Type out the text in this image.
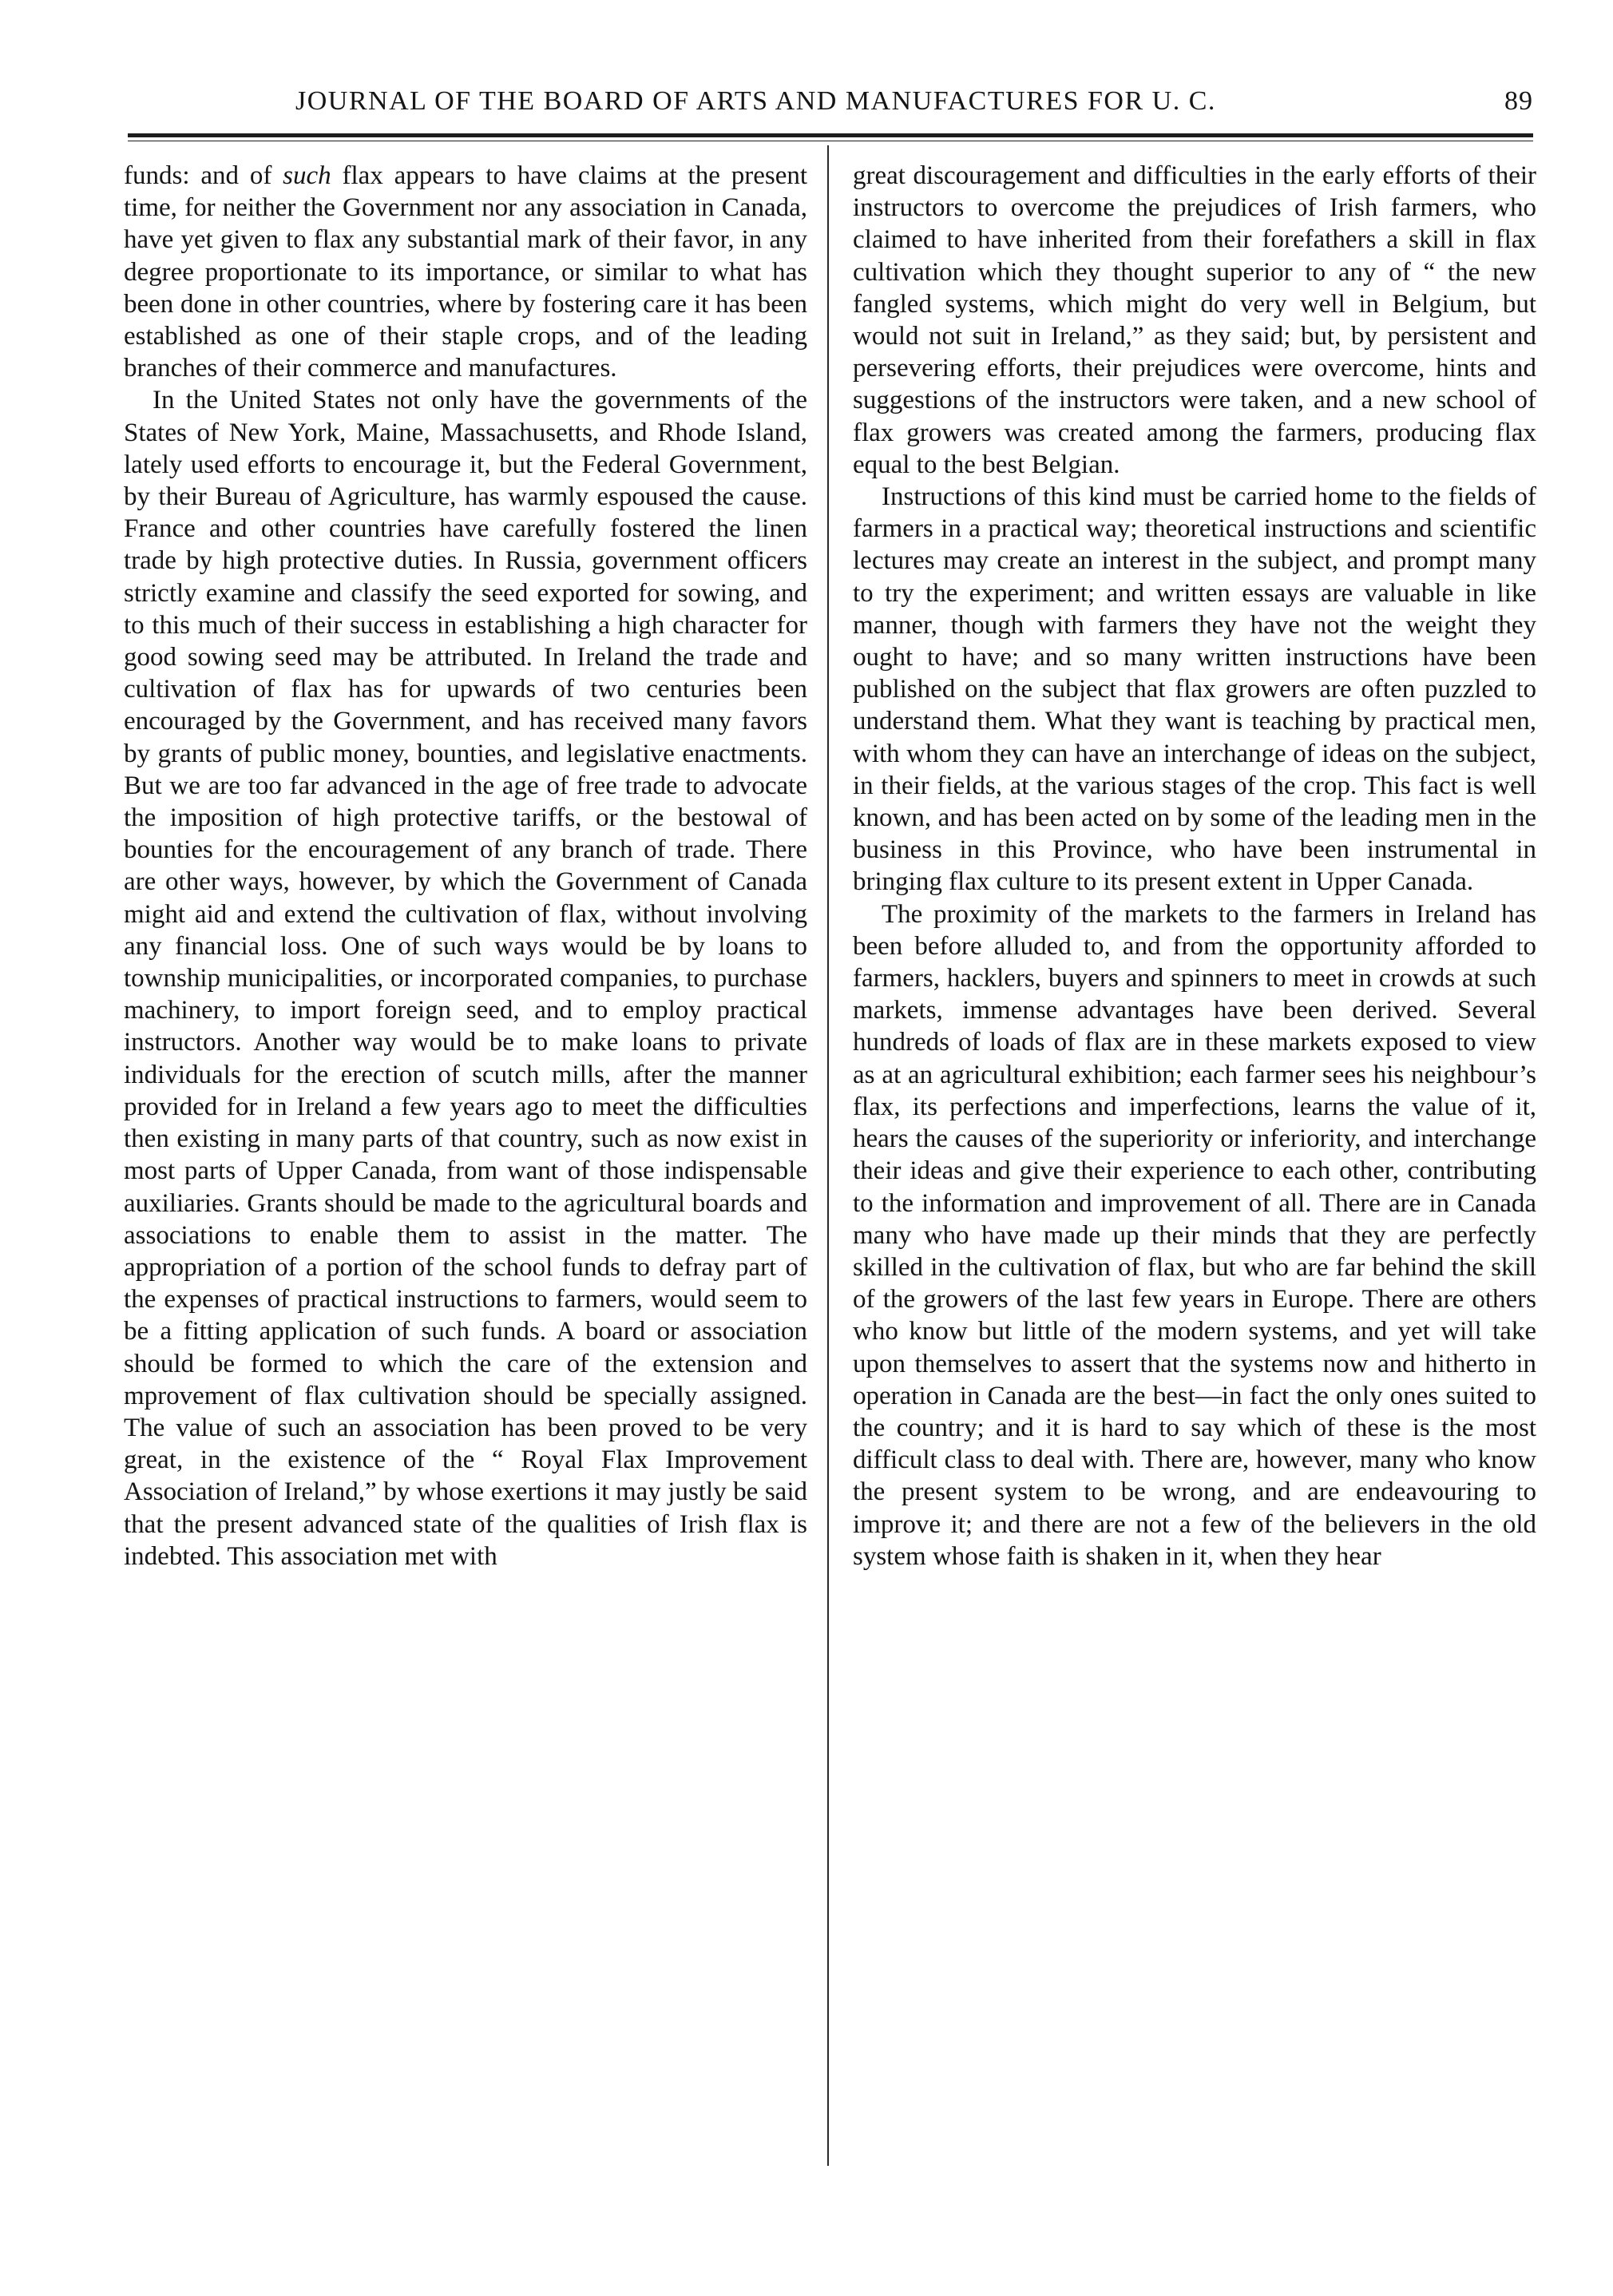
JOURNAL OF THE BOARD OF ARTS AND MANUFACTURES FOR U. C.	89

funds: and of such flax appears to have claims at the present time, for neither the Government nor any association in Canada, have yet given to flax any substantial mark of their favor, in any degree proportionate to its importance, or similar to what has been done in other countries, where by fostering care it has been established as one of their staple crops, and of the leading branches of their commerce and manufactures.

In the United States not only have the governments of the States of New York, Maine, Massachusetts, and Rhode Island, lately used efforts to encourage it, but the Federal Government, by their Bureau of Agriculture, has warmly espoused the cause. France and other countries have carefully fostered the linen trade by high protective duties. In Russia, government officers strictly examine and classify the seed exported for sowing, and to this much of their success in establishing a high character for good sowing seed may be attributed. In Ireland the trade and cultivation of flax has for upwards of two centuries been encouraged by the Government, and has received many favors by grants of public money, bounties, and legislative enactments. But we are too far advanced in the age of free trade to advocate the imposition of high protective tariffs, or the bestowal of bounties for the encouragement of any branch of trade. There are other ways, however, by which the Government of Canada might aid and extend the cultivation of flax, without involving any financial loss. One of such ways would be by loans to township municipalities, or incorporated companies, to purchase machinery, to import foreign seed, and to employ practical instructors. Another way would be to make loans to private individuals for the erection of scutch mills, after the manner provided for in Ireland a few years ago to meet the difficulties then existing in many parts of that country, such as now exist in most parts of Upper Canada, from want of those indispensable auxiliaries. Grants should be made to the agricultural boards and associations to enable them to assist in the matter. The appropriation of a portion of the school funds to defray part of the expenses of practical instructions to farmers, would seem to be a fitting application of such funds. A board or association should be formed to which the care of the extension and mprovement of flax cultivation should be specially assigned. The value of such an association has been proved to be very great, in the existence of the “ Royal Flax Improvement Association of Ireland,” by whose exertions it may justly be said that the present advanced state of the qualities of Irish flax is indebted. This association met with

great discouragement and difficulties in the early efforts of their instructors to overcome the prejudices of Irish farmers, who claimed to have inherited from their forefathers a skill in flax cultivation which they thought superior to any of “ the new fangled systems, which might do very well in Belgium, but would not suit in Ireland,” as they said; but, by persistent and persevering efforts, their prejudices were overcome, hints and suggestions of the instructors were taken, and a new school of flax growers was created among the farmers, producing flax equal to the best Belgian.

Instructions of this kind must be carried home to the fields of farmers in a practical way; theoretical instructions and scientific lectures may create an interest in the subject, and prompt many to try the experiment; and written essays are valuable in like manner, though with farmers they have not the weight they ought to have; and so many written instructions have been published on the subject that flax growers are often puzzled to understand them. What they want is teaching by practical men, with whom they can have an interchange of ideas on the subject, in their fields, at the various stages of the crop. This fact is well known, and has been acted on by some of the leading men in the business in this Province, who have been instrumental in bringing flax culture to its present extent in Upper Canada.

The proximity of the markets to the farmers in Ireland has been before alluded to, and from the opportunity afforded to farmers, hacklers, buyers and spinners to meet in crowds at such markets, immense advantages have been derived. Several hundreds of loads of flax are in these markets exposed to view as at an agricultural exhibition; each farmer sees his neighbour’s flax, its perfections and imperfections, learns the value of it, hears the causes of the superiority or inferiority, and interchange their ideas and give their experience to each other, contributing to the information and improvement of all. There are in Canada many who have made up their minds that they are perfectly skilled in the cultivation of flax, but who are far behind the skill of the growers of the last few years in Europe. There are others who know but little of the modern systems, and yet will take upon themselves to assert that the systems now and hitherto in operation in Canada are the best—in fact the only ones suited to the country; and it is hard to say which of these is the most difficult class to deal with. There are, however, many who know the present system to be wrong, and are endeavouring to improve it; and there are not a few of the believers in the old system whose faith is shaken in it, when they hear
